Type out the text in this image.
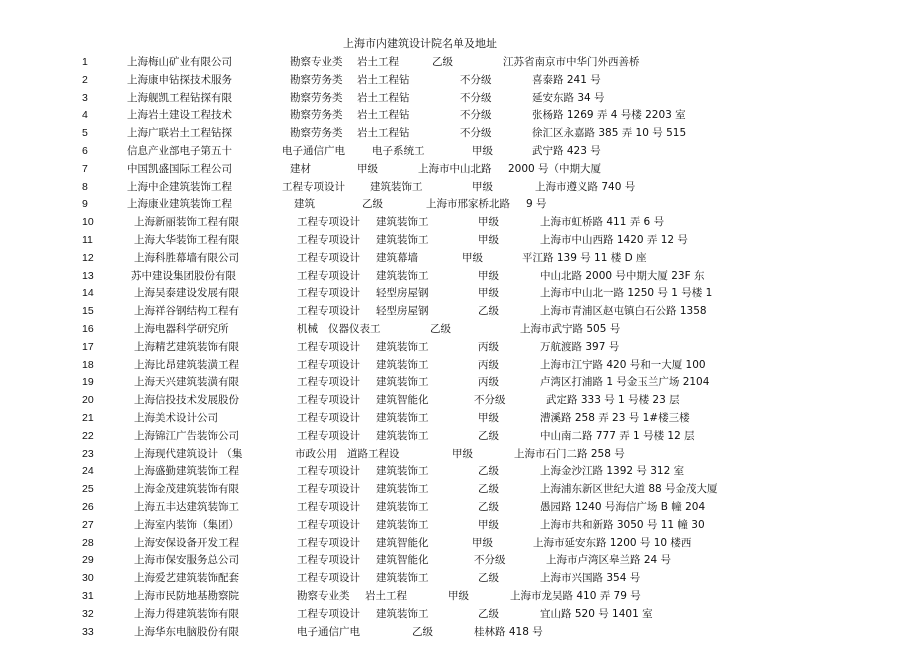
上海市内建筑设计院名单及地址
1	上海梅山矿业有限公司	勘察专业类 岩土工程	乙级	江苏省南京市中华门外西善桥
2	上海康申钻探技术服务	勘察劳务类 岩土工程钻	不分级	喜泰路 241 号
3	上海舰凯工程钻探有限	勘察劳务类 岩土工程钻	不分级	延安东路 34 号
4	上海岩土建设工程技术	勘察劳务类 岩土工程钻	不分级	张杨路 1269 弄 4 号楼 2203 室
5	上海广联岩土工程钻探	勘察劳务类 岩土工程钻	不分级	徐汇区永嘉路 385 弄 10 号 515
6	信息产业部电子第五十	电子通信广电	电子系统工	甲级	武宁路 423 号
7	中国凯盛国际工程公司	建材	甲级	上海市中山北路 2000 号（中期大厦
8	上海中企建筑装饰工程	工程专项设计 建筑装饰工	甲级	上海市遵义路 740 号
9	上海康业建筑装饰工程	建筑	乙级	上海市邢家桥北路 9 号
10	上海新丽装饰工程有限	工程专项设计 建筑装饰工	甲级	上海市虹桥路 411 弄 6 号
11	上海大华装饰工程有限	工程专项设计 建筑装饰工	甲级	上海市中山西路 1420 弄 12 号
12	上海科胜幕墙有限公司	工程专项设计 建筑幕墙	甲级	平江路 139 号 11 楼 D 座
13	苏中建设集团股份有限	工程专项设计 建筑装饰工	甲级	中山北路 2000 号中期大厦 23F 东
14	上海吴泰建设发展有限	工程专项设计 轻型房屋钢	甲级	上海市中山北一路 1250 号 1 号楼 1
15	上海祥谷钢结构工程有	工程专项设计 轻型房屋钢	乙级	上海市青浦区赵屯镇白石公路 1358
16	上海电器科学研究所	机械 仪器仪表工	乙级	上海市武宁路 505 号
17	上海精艺建筑装饰有限	工程专项设计 建筑装饰工	丙级	万航渡路 397 号
18	上海比昂建筑装潢工程	工程专项设计 建筑装饰工	丙级	上海市江宁路 420 号和一大厦 100
19	上海天兴建筑装潢有限	工程专项设计 建筑装饰工	丙级	卢湾区打浦路 1 号金玉兰广场 2104
20	上海信投技术发展股份	工程专项设计 建筑智能化	不分级	武定路 333 号 1 号楼 23 层
21	上海美术设计公司	工程专项设计 建筑装饰工	甲级	漕溪路 258 弄 23 号 1#楼三楼
22	上海锦江广告装饰公司	工程专项设计 建筑装饰工	乙级	中山南二路 777 弄 1 号楼 12 层
23	上海现代建筑设计 （集	市政公用 道路工程设	甲级	上海市石门二路 258 号
24	上海盛勤建筑装饰工程	工程专项设计 建筑装饰工	乙级	上海金沙江路 1392 号 312 室
25	上海金茂建筑装饰有限	工程专项设计 建筑装饰工	乙级	上海浦东新区世纪大道 88 号金茂大厦
26	上海五丰达建筑装饰工	工程专项设计 建筑装饰工	乙级	愚园路 1240 号海信广场 B 幢 204
27	上海室内装饰（集团）	工程专项设计 建筑装饰工	甲级	上海市共和新路 3050 号 11 幢 30
28	上海安保设备开发工程	工程专项设计 建筑智能化	甲级	上海市延安东路 1200 号 10 楼西
29	上海市保安服务总公司	工程专项设计 建筑智能化	不分级	上海市卢湾区皋兰路 24 号
30	上海爱艺建筑装饰配套	工程专项设计 建筑装饰工	乙级	上海市兴国路 354 号
31	上海市民防地基勘察院	勘察专业类 岩土工程	甲级	上海市龙吴路 410 弄 79 号
32	上海力得建筑装饰有限	工程专项设计 建筑装饰工	乙级	宜山路 520 号 1401 室
33	上海华东电脑股份有限	电子通信广电	乙级	桂林路 418 号
